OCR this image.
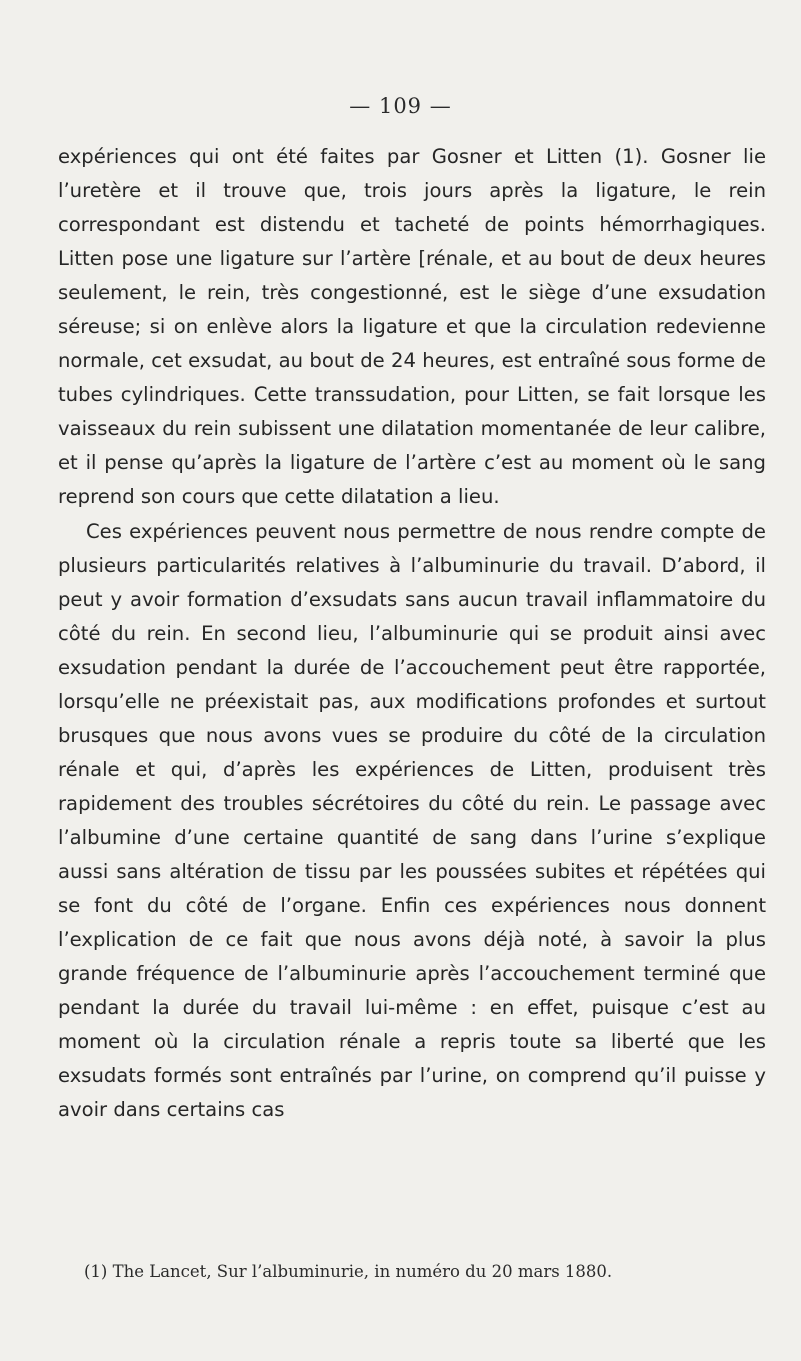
— 109 —

expériences qui ont été faites par Gosner et Litten (1). Gosner lie l’uretère et il trouve que, trois jours après la ligature, le rein correspondant est distendu et tacheté de points hémorrhagiques. Litten pose une ligature sur l’artère [rénale, et au bout de deux heures seulement, le rein, très congestionné, est le siège d’une exsudation séreuse; si on enlève alors la ligature et que la circulation redevienne normale, cet exsudat, au bout de 24 heures, est entraîné sous forme de tubes cylindriques. Cette transsudation, pour Litten, se fait lorsque les vaisseaux du rein subissent une dilatation momentanée de leur calibre, et il pense qu’après la ligature de l’artère c’est au moment où le sang reprend son cours que cette dilatation a lieu.

Ces expériences peuvent nous permettre de nous rendre compte de plusieurs particularités relatives à l’albuminurie du travail. D’abord, il peut y avoir formation d’exsudats sans aucun travail inflammatoire du côté du rein. En second lieu, l’albuminurie qui se produit ainsi avec exsudation pendant la durée de l’accouchement peut être rapportée, lorsqu’elle ne préexistait pas, aux modifications profondes et surtout brusques que nous avons vues se produire du côté de la circulation rénale et qui, d’après les expériences de Litten, produisent très rapidement des troubles sécrétoires du côté du rein. Le passage avec l’albumine d’une certaine quantité de sang dans l’urine s’explique aussi sans altération de tissu par les poussées subites et répétées qui se font du côté de l’organe. Enfin ces expériences nous donnent l’explication de ce fait que nous avons déjà noté, à savoir la plus grande fréquence de l’albuminurie après l’accouchement terminé que pendant la durée du travail lui-même : en effet, puisque c’est au moment où la circulation rénale a repris toute sa liberté que les exsudats formés sont entraînés par l’urine, on comprend qu’il puisse y avoir dans certains cas

(1) The Lancet, Sur l’albuminurie, in numéro du 20 mars 1880.
